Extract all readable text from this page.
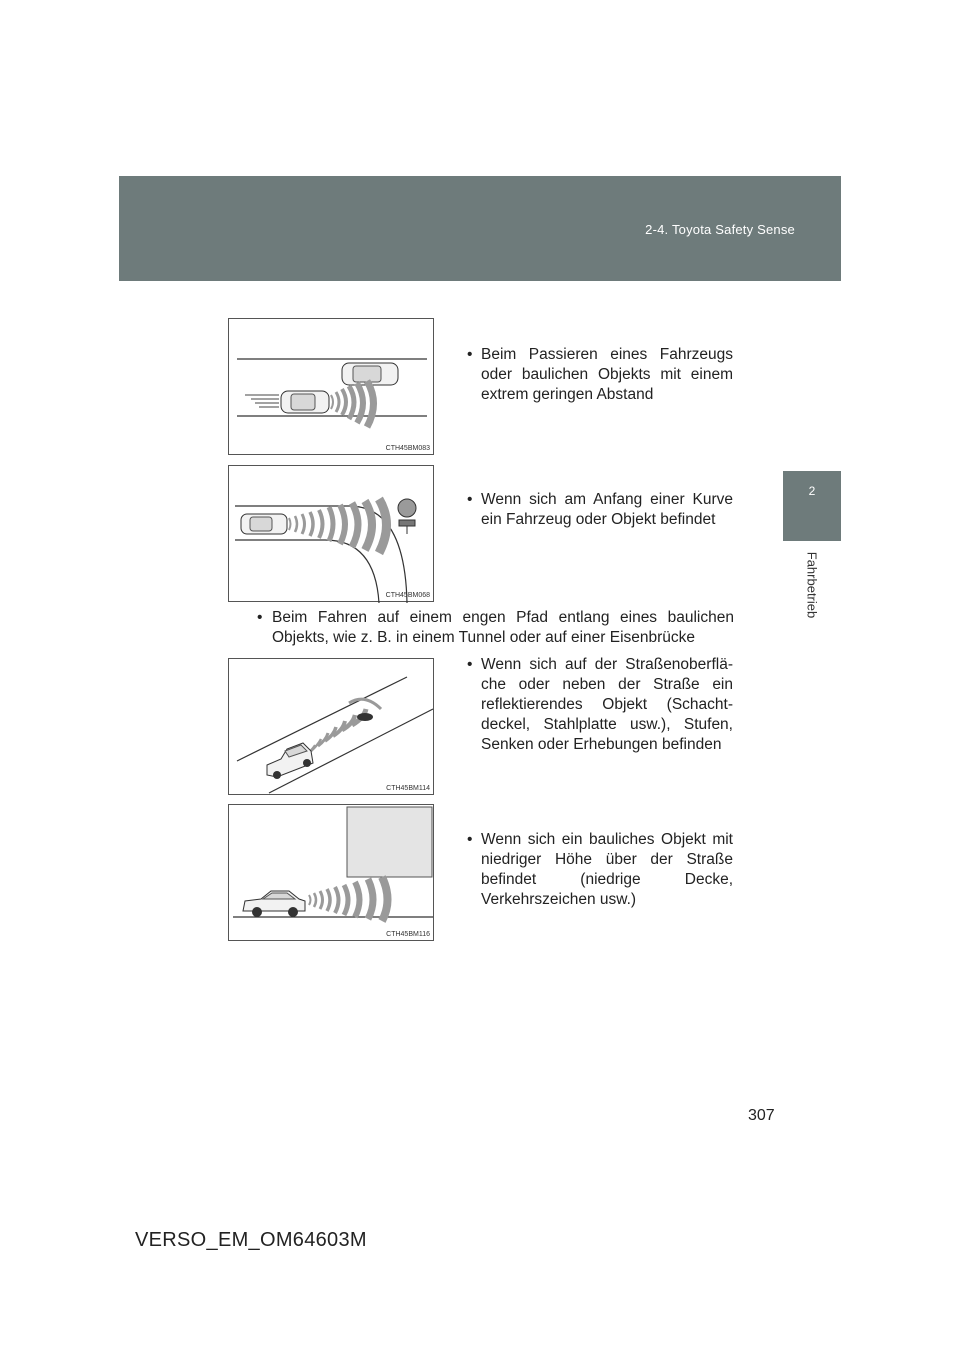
2-4. Toyota Safety Sense
2
Fahrbetrieb
CTH45BM083
• Beim Passieren eines Fahrzeugs oder baulichen Objekts mit einem extrem geringen Abstand
CTH45BM068
• Wenn sich am Anfang einer Kurve ein Fahrzeug oder Objekt befindet
• Beim Fahren auf einem engen Pfad entlang eines baulichen Objekts, wie z. B. in einem Tunnel oder auf einer Eisenbrücke
CTH45BM114
• Wenn sich auf der Straßenoberfläche oder neben der Straße ein reflektierendes Objekt (Schachtdeckel, Stahlplatte usw.), Stufen, Senken oder Erhebungen befinden
CTH45BM116
• Wenn sich ein bauliches Objekt mit niedriger Höhe über der Straße befindet (niedrige Decke, Verkehrszeichen usw.)
307
VERSO_EM_OM64603M
